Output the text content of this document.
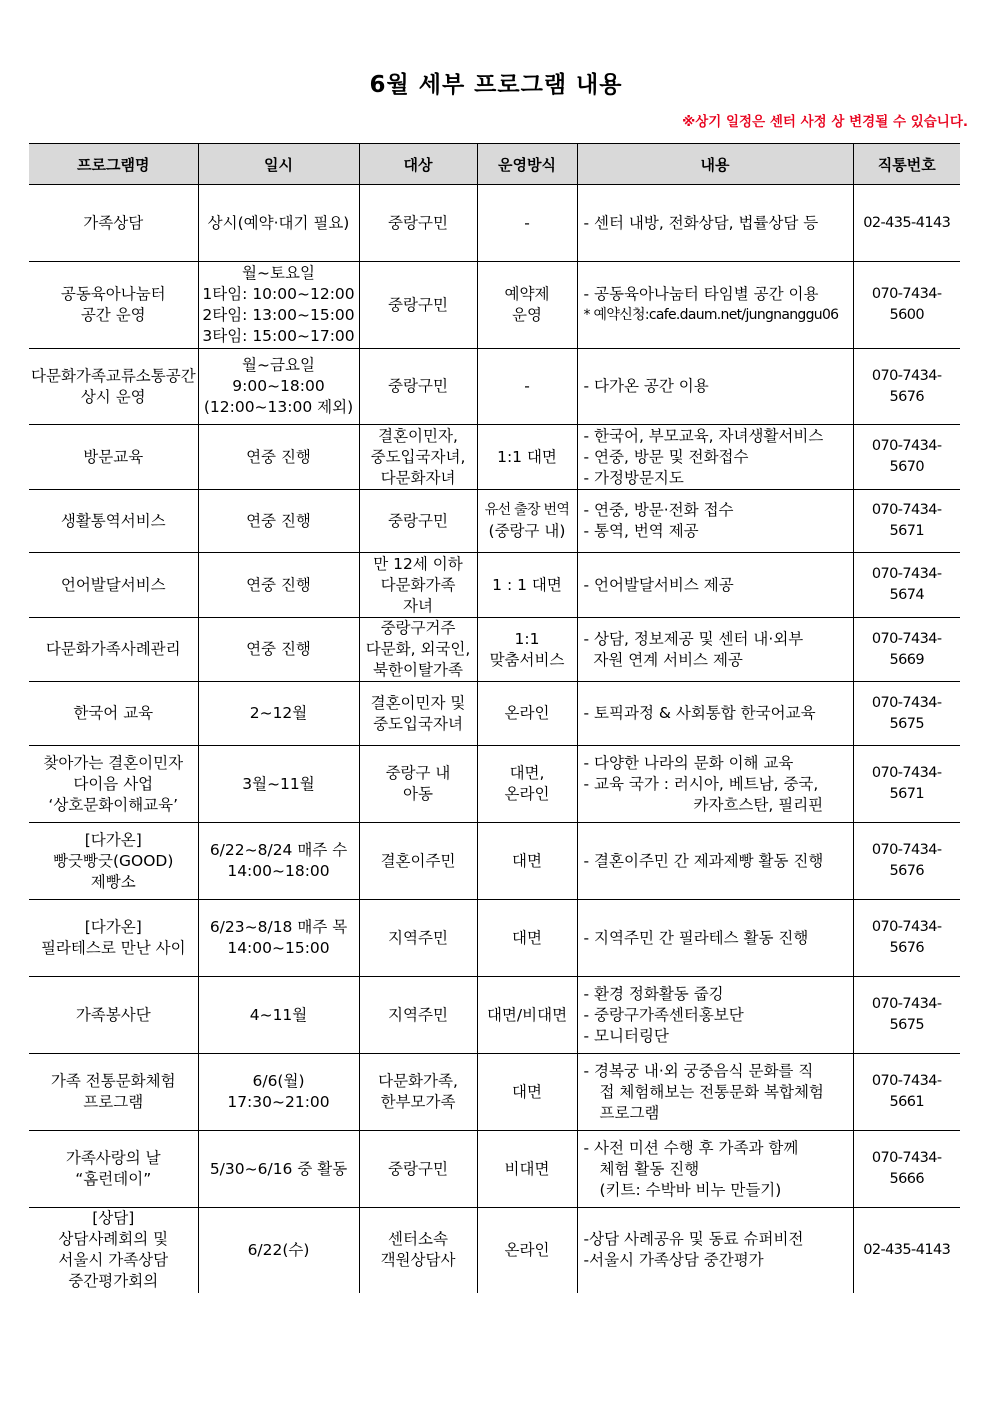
6월 세부 프로그램 내용
※상기 일정은 센터 사정 상 변경될 수 있습니다.
프로그램명	일시	대상	운영방식	내용	직통번호

가족상담	상시(예약·대기 필요)	중랑구민	-	- 센터 내방, 전화상담, 법률상담 등	02-435-4143

공동육아나눔터
공간 운영	월~토요일
1타임: 10:00~12:00
2타임: 13:00~15:00
3타임: 15:00~17:00	중랑구민	예약제
운영	- 공동육아나눔터 타임별 공간 이용
* 예약신청:cafe.daum.net/jungnanggu06	070-7434-5600

다문화가족교류소통공간
상시 운영	월~금요일
9:00~18:00
(12:00~13:00 제외)	중랑구민	-	- 다가온 공간 이용	070-7434-5676

방문교육	연중 진행	결혼이민자,
중도입국자녀,
다문화자녀	1:1 대면	- 한국어, 부모교육, 자녀생활서비스
- 연중, 방문 및 전화접수
- 가정방문지도	070-7434-5670

생활통역서비스	연중 진행	중랑구민	유선 출장 번역
(중랑구 내)	- 연중, 방문·전화 접수
- 통역, 번역 제공	070-7434-5671

언어발달서비스	연중 진행	만 12세 이하
다문화가족
자녀	1 : 1 대면	- 언어발달서비스 제공	070-7434-5674

다문화가족사례관리	연중 진행	중랑구거주
다문화, 외국인,
북한이탈가족	1:1
맞춤서비스	- 상담, 정보제공 및 센터 내·외부
자원 연계 서비스 제공	070-7434-5669

한국어 교육	2~12월	결혼이민자 및
중도입국자녀	온라인	- 토픽과정 & 사회통합 한국어교육	070-7434-5675

찾아가는 결혼이민자
다이음 사업
‘상호문화이해교육’	3월~11월	중랑구 내
아동	대면,
온라인	- 다양한 나라의 문화 이해 교육
- 교육 국가 : 러시아, 베트남, 중국,
카자흐스탄, 필리핀	070-7434-5671

[다가온]
빵긋빵긋(GOOD)
제빵소	6/22~8/24 매주 수
14:00~18:00	결혼이주민	대면	- 결혼이주민 간 제과제빵 활동 진행	070-7434-5676

[다가온]
필라테스로 만난 사이	6/23~8/18 매주 목
14:00~15:00	지역주민	대면	- 지역주민 간 필라테스 활동 진행	070-7434-5676

가족봉사단	4~11월	지역주민	대면/비대면	- 환경 정화활동 줍깅
- 중랑구가족센터홍보단
- 모니터링단	070-7434-5675

가족 전통문화체험
프로그램	6/6(월)
17:30~21:00	다문화가족,
한부모가족	대면	- 경복궁 내·외 궁중음식 문화를 직
접 체험해보는 전통문화 복합체험
프로그램	070-7434-5661

가족사랑의 날
“홈런데이”	5/30~6/16 중 활동	중랑구민	비대면	- 사전 미션 수행 후 가족과 함께
체험 활동 진행
(키트: 수박바 비누 만들기)	070-7434-5666

[상담]
상담사례회의 및
서울시 가족상담
중간평가회의	6/22(수)	센터소속
객원상담사	온라인	-상담 사례공유 및 동료 슈퍼비전
-서울시 가족상담 중간평가	02-435-4143
